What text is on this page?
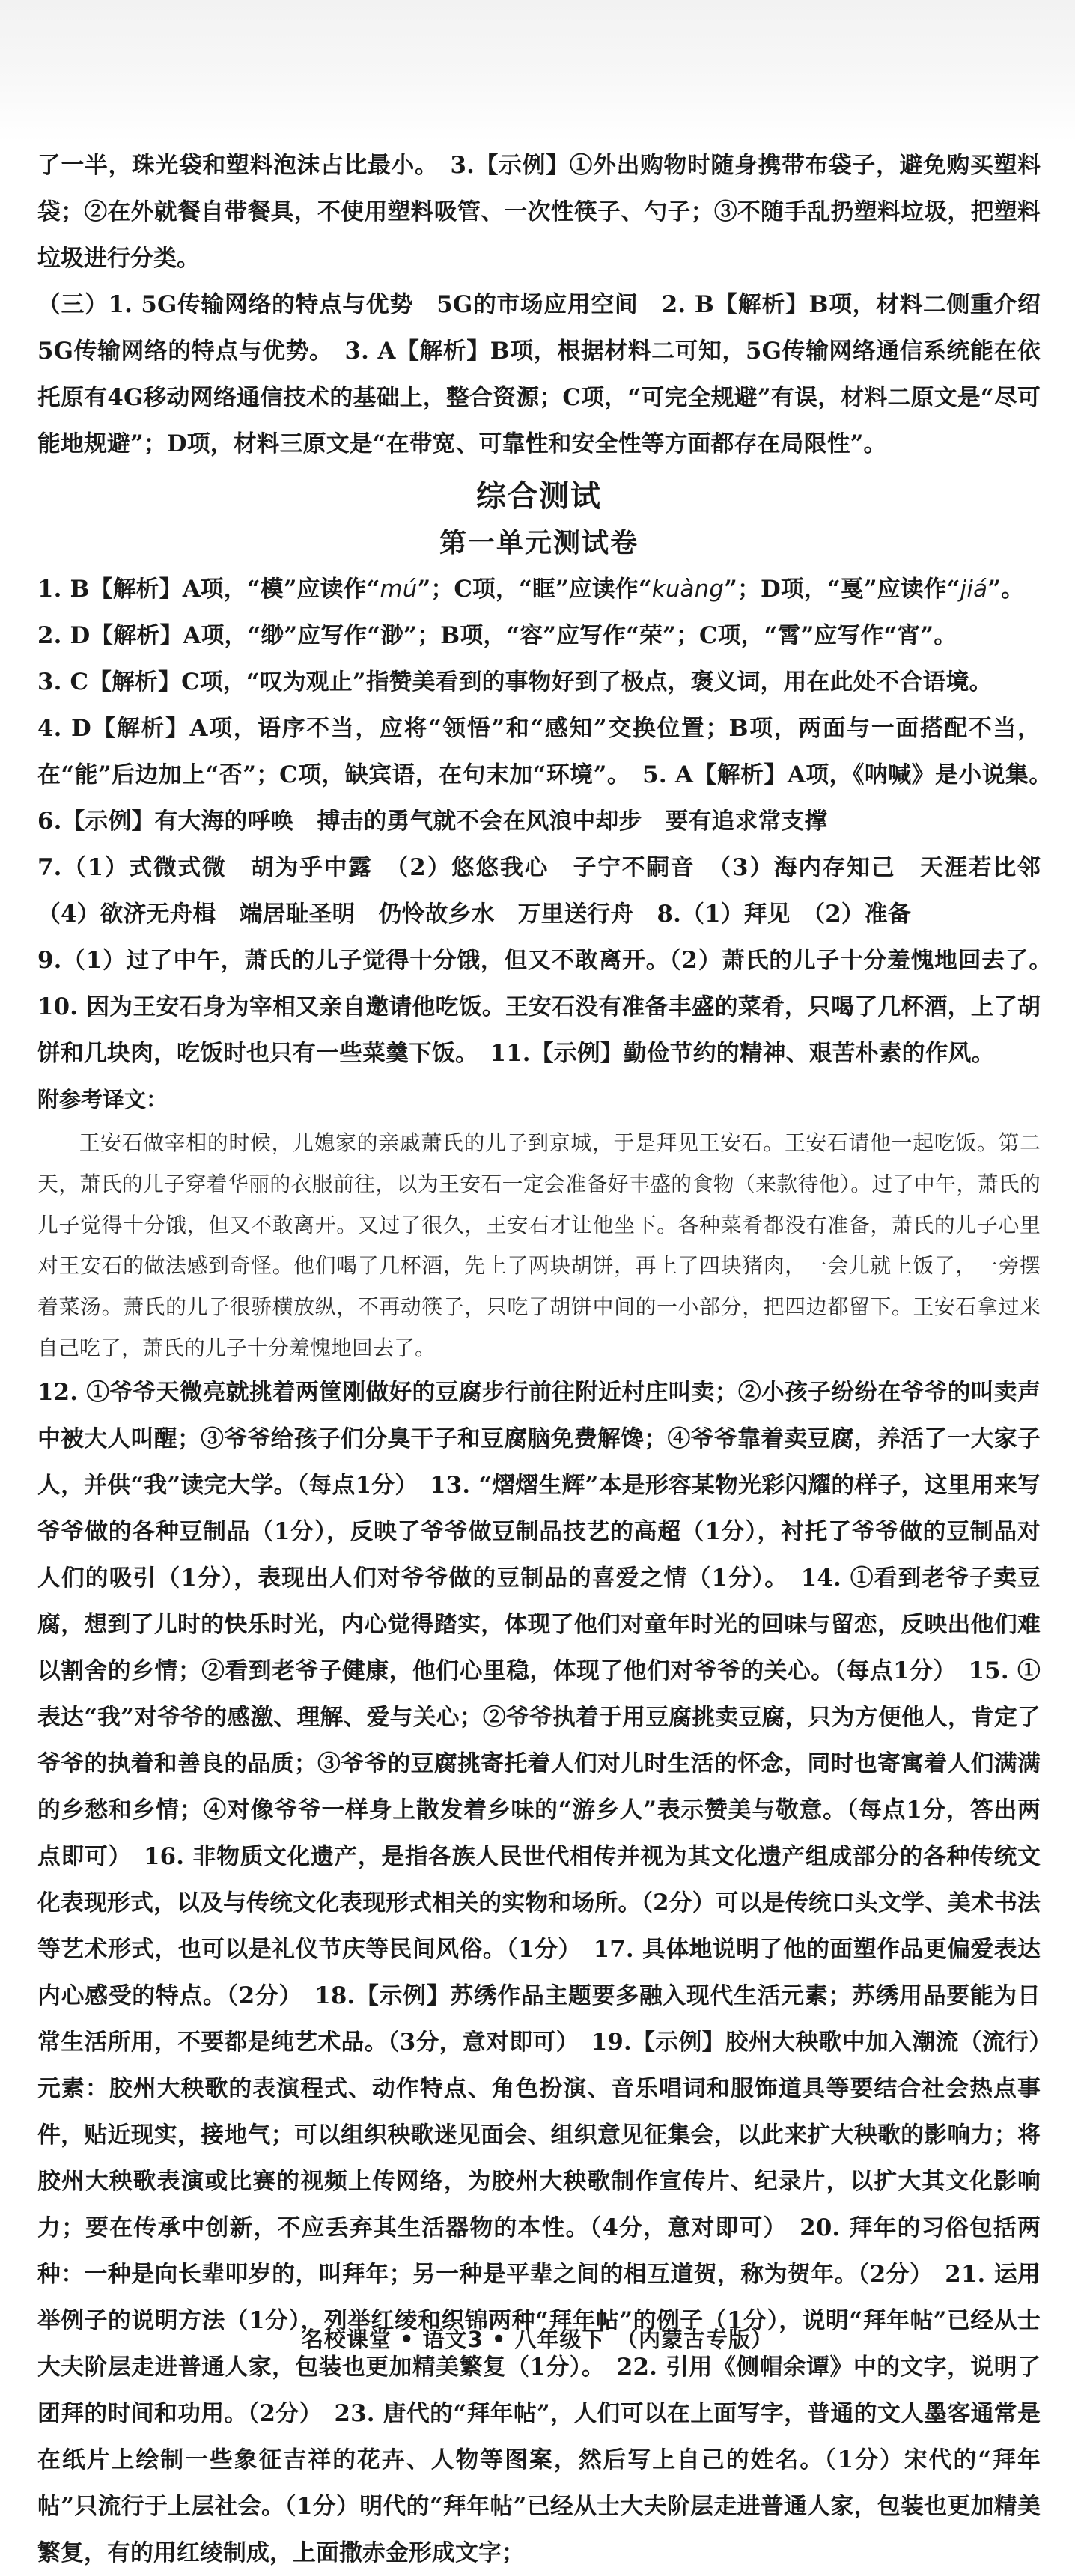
了一半，珠光袋和塑料泡沫占比最小。　3.【示例】①外出购物时随身携带布袋子，避免购买塑料袋；②在外就餐自带餐具，不使用塑料吸管、一次性筷子、勺子；③不随手乱扔塑料垃圾，把塑料垃圾进行分类。

（三）1. 5G传输网络的特点与优势　5G的市场应用空间　2. B【解析】B项，材料二侧重介绍5G传输网络的特点与优势。　3. A【解析】B项，根据材料二可知，5G传输网络通信系统能在依托原有4G移动网络通信技术的基础上，整合资源；C项，“可完全规避”有误，材料二原文是“尽可能地规避”；D项，材料三原文是“在带宽、可靠性和安全性等方面都存在局限性”。

综合测试
第一单元测试卷

1. B【解析】A项，“模”应读作“mú”；C项，“眶”应读作“kuàng”；D项，“戛”应读作“jiá”。

2. D【解析】A项，“缈”应写作“渺”；B项，“容”应写作“荣”；C项，“霄”应写作“宵”。

3. C【解析】C项，“叹为观止”指赞美看到的事物好到了极点，褒义词，用在此处不合语境。

4. D【解析】A项，语序不当，应将“领悟”和“感知”交换位置；B项，两面与一面搭配不当，在“能”后边加上“否”；C项，缺宾语，在句末加“环境”。　5. A【解析】A项，《呐喊》是小说集。　6.【示例】有大海的呼唤　搏击的勇气就不会在风浪中却步　要有追求常支撑

7.（1）式微式微　胡为乎中露　（2）悠悠我心　子宁不嗣音　（3）海内存知己　天涯若比邻　（4）欲济无舟楫　端居耻圣明　仍怜故乡水　万里送行舟　8.（1）拜见　（2）准备

9.（1）过了中午，萧氏的儿子觉得十分饿，但又不敢离开。（2）萧氏的儿子十分羞愧地回去了。　10. 因为王安石身为宰相又亲自邀请他吃饭。王安石没有准备丰盛的菜肴，只喝了几杯酒，上了胡饼和几块肉，吃饭时也只有一些菜羹下饭。　11.【示例】勤俭节约的精神、艰苦朴素的作风。

附参考译文：

王安石做宰相的时候，儿媳家的亲戚萧氏的儿子到京城，于是拜见王安石。王安石请他一起吃饭。第二天，萧氏的儿子穿着华丽的衣服前往，以为王安石一定会准备好丰盛的食物（来款待他）。过了中午，萧氏的儿子觉得十分饿，但又不敢离开。又过了很久，王安石才让他坐下。各种菜肴都没有准备，萧氏的儿子心里对王安石的做法感到奇怪。他们喝了几杯酒，先上了两块胡饼，再上了四块猪肉，一会儿就上饭了，一旁摆着菜汤。萧氏的儿子很骄横放纵，不再动筷子，只吃了胡饼中间的一小部分，把四边都留下。王安石拿过来自己吃了，萧氏的儿子十分羞愧地回去了。

12. ①爷爷天微亮就挑着两筐刚做好的豆腐步行前往附近村庄叫卖；②小孩子纷纷在爷爷的叫卖声中被大人叫醒；③爷爷给孩子们分臭干子和豆腐脑免费解馋；④爷爷靠着卖豆腐，养活了一大家子人，并供“我”读完大学。（每点1分）　13. “熠熠生辉”本是形容某物光彩闪耀的样子，这里用来写爷爷做的各种豆制品（1分），反映了爷爷做豆制品技艺的高超（1分），衬托了爷爷做的豆制品对人们的吸引（1分），表现出人们对爷爷做的豆制品的喜爱之情（1分）。　14. ①看到老爷子卖豆腐，想到了儿时的快乐时光，内心觉得踏实，体现了他们对童年时光的回味与留恋，反映出他们难以割舍的乡情；②看到老爷子健康，他们心里稳，体现了他们对爷爷的关心。（每点1分）　15. ①表达“我”对爷爷的感激、理解、爱与关心；②爷爷执着于用豆腐挑卖豆腐，只为方便他人，肯定了爷爷的执着和善良的品质；③爷爷的豆腐挑寄托着人们对儿时生活的怀念，同时也寄寓着人们满满的乡愁和乡情；④对像爷爷一样身上散发着乡味的“游乡人”表示赞美与敬意。（每点1分，答出两点即可）　16. 非物质文化遗产，是指各族人民世代相传并视为其文化遗产组成部分的各种传统文化表现形式，以及与传统文化表现形式相关的实物和场所。（2分）可以是传统口头文学、美术书法等艺术形式，也可以是礼仪节庆等民间风俗。（1分）　17. 具体地说明了他的面塑作品更偏爱表达内心感受的特点。（2分）　18.【示例】苏绣作品主题要多融入现代生活元素；苏绣用品要能为日常生活所用，不要都是纯艺术品。（3分，意对即可）　19.【示例】胶州大秧歌中加入潮流（流行）元素：胶州大秧歌的表演程式、动作特点、角色扮演、音乐唱词和服饰道具等要结合社会热点事件，贴近现实，接地气；可以组织秧歌迷见面会、组织意见征集会，以此来扩大秧歌的影响力；将胶州大秧歌表演或比赛的视频上传网络，为胶州大秧歌制作宣传片、纪录片，以扩大其文化影响力；要在传承中创新，不应丢弃其生活器物的本性。（4分，意对即可）　20. 拜年的习俗包括两种：一种是向长辈叩岁的，叫拜年；另一种是平辈之间的相互道贺，称为贺年。（2分）　21. 运用举例子的说明方法（1分），列举红绫和织锦两种“拜年帖”的例子（1分），说明“拜年帖”已经从士大夫阶层走进普通人家，包装也更加精美繁复（1分）。　22. 引用《侧帽余谭》中的文字，说明了团拜的时间和功用。（2分）　23. 唐代的“拜年帖”，人们可以在上面写字，普通的文人墨客通常是在纸片上绘制一些象征吉祥的花卉、人物等图案，然后写上自己的姓名。（1分）宋代的“拜年帖”只流行于上层社会。（1分）明代的“拜年帖”已经从士大夫阶层走进普通人家，包装也更加精美繁复，有的用红绫制成，上面撒赤金形成文字；

名校课堂 • 语文3 • 八年级下　（内蒙古专版）
